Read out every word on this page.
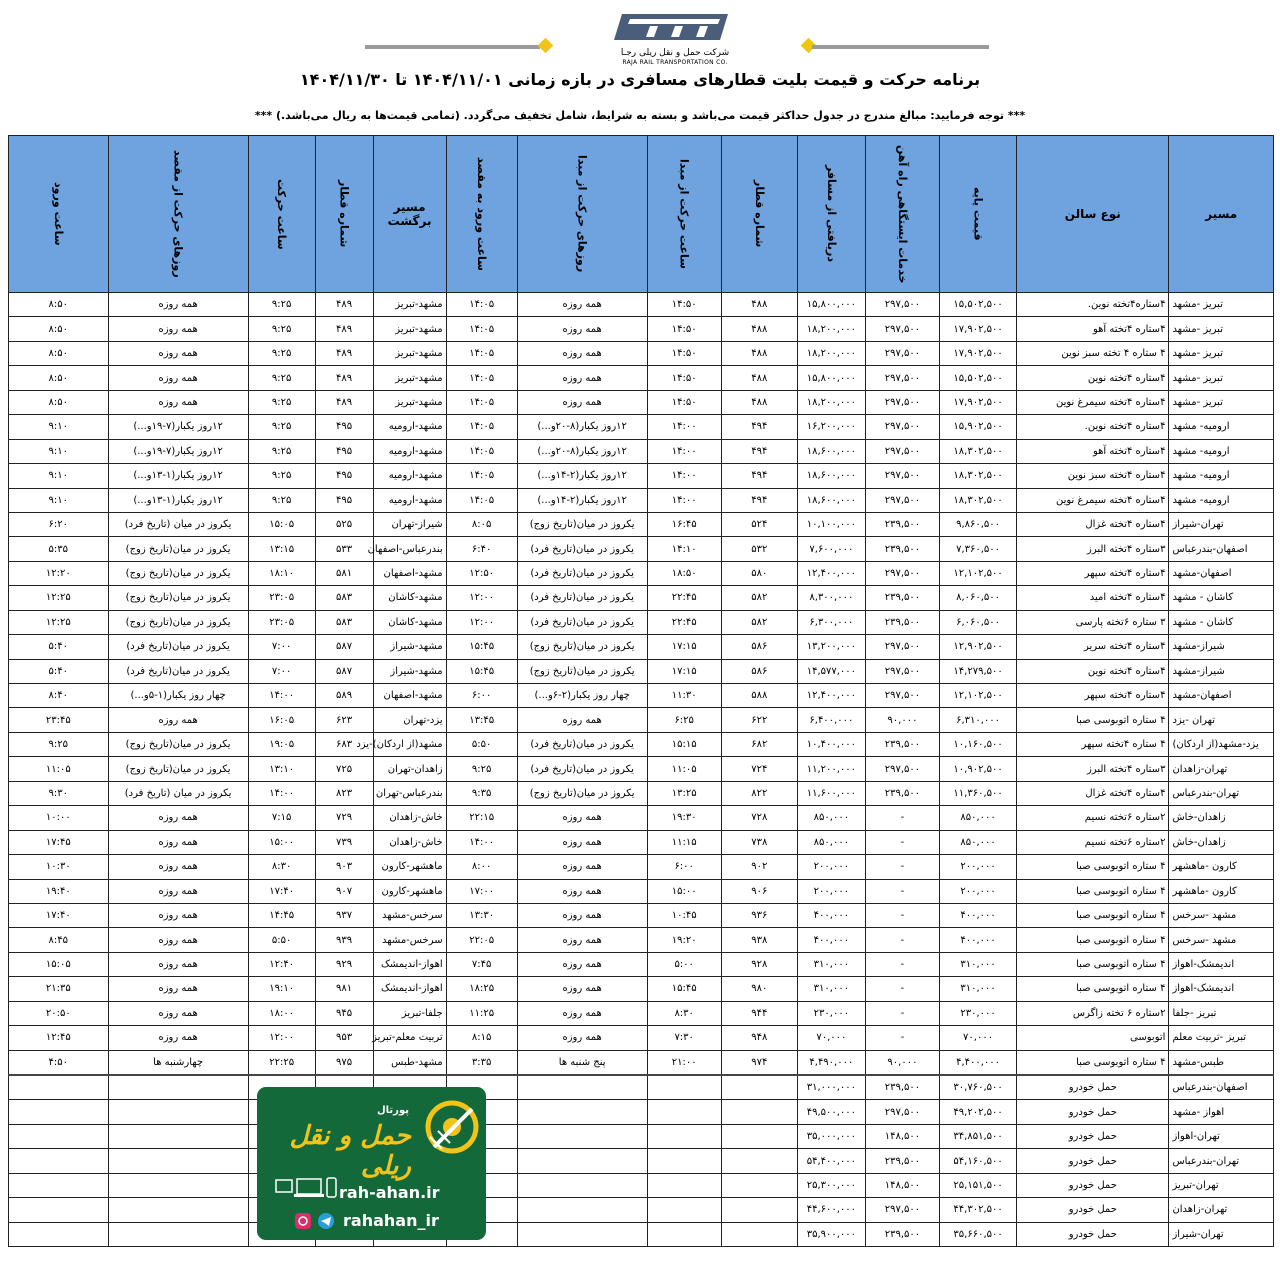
شرکت حمل و نقل ریلی رجـا
RAJA RAIL TRANSPORTATION CO.
برنامه حرکت و قیمت بلیت قطارهای مسافری در بازه زمانی ۱۴۰۴/۱۱/۰۱ تا ۱۴۰۴/۱۱/۳۰
*** توجه فرمایید: مبالغ مندرج در جدول حداکثر قیمت می‌باشد و بسته به شرایط، شامل تخفیف می‌گردد. (تمامی قیمت‌ها به ریال می‌باشد.) ***
مسیر	نوع سالن	قیمت پایه	خدمات ایستگاهی راه آهن	دریافتی از مسافر	شماره قطار	ساعت حرکت از مبدا	روزهای حرکت از مبدا	ساعت ورود به مقصد	مسیر برگشت	شماره قطار	ساعت حرکت	روزهای حرکت از مقصد	ساعت ورود

تبریز -مشهد	۴ستاره۴تخته نوین.	۱۵,۵۰۲,۵۰۰	۲۹۷,۵۰۰	۱۵,۸۰۰,۰۰۰	۴۸۸	۱۴:۵۰	همه روزه	۱۴:۰۵	مشهد-تبریز	۴۸۹	۹:۲۵	همه روزه	۸:۵۰
تبریز -مشهد	۴ستاره ۴تخته آهو	۱۷,۹۰۲,۵۰۰	۲۹۷,۵۰۰	۱۸,۲۰۰,۰۰۰	۴۸۸	۱۴:۵۰	همه روزه	۱۴:۰۵	مشهد-تبریز	۴۸۹	۹:۲۵	همه روزه	۸:۵۰
تبریز -مشهد	۴ ستاره ۴ تخته سبز نوین	۱۷,۹۰۲,۵۰۰	۲۹۷,۵۰۰	۱۸,۲۰۰,۰۰۰	۴۸۸	۱۴:۵۰	همه روزه	۱۴:۰۵	مشهد-تبریز	۴۸۹	۹:۲۵	همه روزه	۸:۵۰
تبریز -مشهد	۴ستاره ۴تخته نوین	۱۵,۵۰۲,۵۰۰	۲۹۷,۵۰۰	۱۵,۸۰۰,۰۰۰	۴۸۸	۱۴:۵۰	همه روزه	۱۴:۰۵	مشهد-تبریز	۴۸۹	۹:۲۵	همه روزه	۸:۵۰
تبریز -مشهد	۴ستاره ۴تخته سیمرغ نوین	۱۷,۹۰۲,۵۰۰	۲۹۷,۵۰۰	۱۸,۲۰۰,۰۰۰	۴۸۸	۱۴:۵۰	همه روزه	۱۴:۰۵	مشهد-تبریز	۴۸۹	۹:۲۵	همه روزه	۸:۵۰
ارومیه- مشهد	۴ستاره ۴تخته نوین.	۱۵,۹۰۲,۵۰۰	۲۹۷,۵۰۰	۱۶,۲۰۰,۰۰۰	۴۹۴	۱۴:۰۰	۱۲روز یکبار(۸-۲۰و...)	۱۴:۰۵	مشهد-ارومیه	۴۹۵	۹:۲۵	۱۲روز یکبار(۷-۱۹و...)	۹:۱۰
ارومیه- مشهد	۴ستاره ۴تخته آهو	۱۸,۳۰۲,۵۰۰	۲۹۷,۵۰۰	۱۸,۶۰۰,۰۰۰	۴۹۴	۱۴:۰۰	۱۲روز یکبار(۸-۲۰و...)	۱۴:۰۵	مشهد-ارومیه	۴۹۵	۹:۲۵	۱۲روز یکبار(۷-۱۹و...)	۹:۱۰
ارومیه- مشهد	۴ستاره ۴تخته سبز نوین	۱۸,۳۰۲,۵۰۰	۲۹۷,۵۰۰	۱۸,۶۰۰,۰۰۰	۴۹۴	۱۴:۰۰	۱۲روز یکبار(۲-۱۴و...)	۱۴:۰۵	مشهد-ارومیه	۴۹۵	۹:۲۵	۱۲روز یکبار(۱-۱۳و...)	۹:۱۰
ارومیه- مشهد	۴ستاره ۴تخته سیمرغ نوین	۱۸,۳۰۲,۵۰۰	۲۹۷,۵۰۰	۱۸,۶۰۰,۰۰۰	۴۹۴	۱۴:۰۰	۱۲روز یکبار(۲-۱۴و...)	۱۴:۰۵	مشهد-ارومیه	۴۹۵	۹:۲۵	۱۲روز یکبار(۱-۱۳و...)	۹:۱۰
تهران-شیراز	۴ستاره ۴تخته غزال	۹,۸۶۰,۵۰۰	۲۳۹,۵۰۰	۱۰,۱۰۰,۰۰۰	۵۲۴	۱۶:۴۵	یکروز در میان(تاریخ زوج)	۸:۰۵	شیراز-تهران	۵۲۵	۱۵:۰۵	یکروز در میان (تاریخ فرد)	۶:۲۰
اصفهان-بندرعباس	۳ستاره ۴تخته البرز	۷,۳۶۰,۵۰۰	۲۳۹,۵۰۰	۷,۶۰۰,۰۰۰	۵۳۲	۱۴:۱۰	یکروز در میان(تاریخ فرد)	۶:۴۰	بندرعباس-اصفهان	۵۳۳	۱۳:۱۵	یکروز در میان(تاریخ زوج)	۵:۳۵
اصفهان-مشهد	۴ستاره ۴تخته سپهر	۱۲,۱۰۲,۵۰۰	۲۹۷,۵۰۰	۱۲,۴۰۰,۰۰۰	۵۸۰	۱۸:۵۰	یکروز در میان(تاریخ فرد)	۱۲:۵۰	مشهد-اصفهان	۵۸۱	۱۸:۱۰	یکروز در میان(تاریخ زوج)	۱۲:۲۰
کاشان - مشهد	۴ستاره ۴تخته امید	۸,۰۶۰,۵۰۰	۲۳۹,۵۰۰	۸,۳۰۰,۰۰۰	۵۸۲	۲۲:۴۵	یکروز در میان(تاریخ فرد)	۱۲:۰۰	مشهد-کاشان	۵۸۳	۲۳:۰۵	یکروز در میان(تاریخ زوج)	۱۲:۲۵
کاشان - مشهد	۳ ستاره ۶تخته پارسی	۶,۰۶۰,۵۰۰	۲۳۹,۵۰۰	۶,۳۰۰,۰۰۰	۵۸۲	۲۲:۴۵	یکروز در میان(تاریخ فرد)	۱۲:۰۰	مشهد-کاشان	۵۸۳	۲۳:۰۵	یکروز در میان(تاریخ زوج)	۱۲:۲۵
شیراز-مشهد	۴ستاره ۴تخته سریر	۱۲,۹۰۲,۵۰۰	۲۹۷,۵۰۰	۱۳,۲۰۰,۰۰۰	۵۸۶	۱۷:۱۵	یکروز در میان(تاریخ زوج)	۱۵:۴۵	مشهد-شیراز	۵۸۷	۷:۰۰	یکروز در میان(تاریخ فرد)	۵:۴۰
شیراز-مشهد	۴ستاره ۴تخته نوین	۱۴,۲۷۹,۵۰۰	۲۹۷,۵۰۰	۱۴,۵۷۷,۰۰۰	۵۸۶	۱۷:۱۵	یکروز در میان(تاریخ زوج)	۱۵:۴۵	مشهد-شیراز	۵۸۷	۷:۰۰	یکروز در میان(تاریخ فرد)	۵:۴۰
اصفهان-مشهد	۴ستاره ۴تخته سپهر	۱۲,۱۰۲,۵۰۰	۲۹۷,۵۰۰	۱۲,۴۰۰,۰۰۰	۵۸۸	۱۱:۳۰	چهار روز یکبار(۲-۶و...)	۶:۰۰	مشهد-اصفهان	۵۸۹	۱۴:۰۰	چهار روز یکبار(۱-۵و...)	۸:۴۰
تهران -یزد	۴ ستاره اتوبوسی صبا	۶,۳۱۰,۰۰۰	۹۰,۰۰۰	۶,۴۰۰,۰۰۰	۶۲۲	۶:۲۵	همه روزه	۱۳:۴۵	یزد-تهران	۶۲۳	۱۶:۰۵	همه روزه	۲۳:۴۵
یزد-مشهد(از اردکان)	۴ ستاره ۴تخته سپهر	۱۰,۱۶۰,۵۰۰	۲۳۹,۵۰۰	۱۰,۴۰۰,۰۰۰	۶۸۲	۱۵:۱۵	یکروز در میان(تاریخ فرد)	۵:۵۰	مشهد(از اردکان)-یزد	۶۸۳	۱۹:۰۵	یکروز در میان(تاریخ زوج)	۹:۲۵
تهران-زاهدان	۳ستاره ۴تخته البرز	۱۰,۹۰۲,۵۰۰	۲۹۷,۵۰۰	۱۱,۲۰۰,۰۰۰	۷۲۴	۱۱:۰۵	یکروز در میان(تاریخ فرد)	۹:۲۵	زاهدان-تهران	۷۲۵	۱۳:۱۰	یکروز در میان(تاریخ زوج)	۱۱:۰۵
تهران-بندرعباس	۴ستاره ۴تخته غزال	۱۱,۳۶۰,۵۰۰	۲۳۹,۵۰۰	۱۱,۶۰۰,۰۰۰	۸۲۲	۱۳:۲۵	یکروز در میان(تاریخ زوج)	۹:۳۵	بندرعباس-تهران	۸۲۳	۱۴:۰۰	یکروز در میان (تاریخ فرد)	۹:۳۰
زاهدان-خاش	۲ستاره ۶تخته نسیم	۸۵۰,۰۰۰	-	۸۵۰,۰۰۰	۷۲۸	۱۹:۳۰	همه روزه	۲۲:۱۵	خاش-زاهدان	۷۲۹	۷:۱۵	همه روزه	۱۰:۰۰
زاهدان-خاش	۲ستاره ۶تخته نسیم	۸۵۰,۰۰۰	-	۸۵۰,۰۰۰	۷۳۸	۱۱:۱۵	همه روزه	۱۴:۰۰	خاش-زاهدان	۷۳۹	۱۵:۰۰	همه روزه	۱۷:۴۵
کارون -ماهشهر	۴ ستاره اتوبوسی صبا	۲۰۰,۰۰۰	-	۲۰۰,۰۰۰	۹۰۲	۶:۰۰	همه روزه	۸:۰۰	ماهشهر-کارون	۹۰۳	۸:۳۰	همه روزه	۱۰:۳۰
کارون -ماهشهر	۴ ستاره اتوبوسی صبا	۲۰۰,۰۰۰	-	۲۰۰,۰۰۰	۹۰۶	۱۵:۰۰	همه روزه	۱۷:۰۰	ماهشهر-کارون	۹۰۷	۱۷:۴۰	همه روزه	۱۹:۴۰
مشهد -سرخس	۴ ستاره اتوبوسی صبا	۴۰۰,۰۰۰	-	۴۰۰,۰۰۰	۹۳۶	۱۰:۴۵	همه روزه	۱۳:۳۰	سرخس-مشهد	۹۳۷	۱۴:۴۵	همه روزه	۱۷:۴۰
مشهد -سرخس	۴ ستاره اتوبوسی صبا	۴۰۰,۰۰۰	-	۴۰۰,۰۰۰	۹۳۸	۱۹:۲۰	همه روزه	۲۲:۰۵	سرخس-مشهد	۹۳۹	۵:۵۰	همه روزه	۸:۴۵
اندیمشک-اهواز	۴ ستاره اتوبوسی صبا	۳۱۰,۰۰۰	-	۳۱۰,۰۰۰	۹۲۸	۵:۰۰	همه روزه	۷:۴۵	اهواز-اندیمشک	۹۲۹	۱۲:۴۰	همه روزه	۱۵:۰۵
اندیمشک-اهواز	۴ ستاره اتوبوسی صبا	۳۱۰,۰۰۰	-	۳۱۰,۰۰۰	۹۸۰	۱۵:۴۵	همه روزه	۱۸:۲۵	اهواز-اندیمشک	۹۸۱	۱۹:۱۰	همه روزه	۲۱:۳۵
تبریز -جلفا	۲ستاره ۶ تخته زاگرس	۲۳۰,۰۰۰	-	۲۳۰,۰۰۰	۹۴۴	۸:۳۰	همه روزه	۱۱:۲۵	جلفا-تبریز	۹۴۵	۱۸:۰۰	همه روزه	۲۰:۵۰
تبریز -تربیت معلم	اتوبوسی	۷۰,۰۰۰	-	۷۰,۰۰۰	۹۴۸	۷:۳۰	همه روزه	۸:۱۵	تربیت معلم-تبریز	۹۵۳	۱۲:۰۰	همه روزه	۱۲:۴۵
طبس-مشهد	۴ ستاره اتوبوسی صبا	۴,۴۰۰,۰۰۰	۹۰,۰۰۰	۴,۴۹۰,۰۰۰	۹۷۴	۲۱:۰۰	پنج شنبه ها	۳:۳۵	مشهد-طبس	۹۷۵	۲۲:۲۵	چهارشنبه ها	۴:۵۰
اصفهان-بندرعباس	حمل خودرو	۳۰,۷۶۰,۵۰۰	۲۳۹,۵۰۰	۳۱,۰۰۰,۰۰۰									
اهواز -مشهد	حمل خودرو	۴۹,۲۰۲,۵۰۰	۲۹۷,۵۰۰	۴۹,۵۰۰,۰۰۰									
تهران-اهواز	حمل خودرو	۳۴,۸۵۱,۵۰۰	۱۴۸,۵۰۰	۳۵,۰۰۰,۰۰۰									
تهران-بندرعباس	حمل خودرو	۵۴,۱۶۰,۵۰۰	۲۳۹,۵۰۰	۵۴,۴۰۰,۰۰۰									
تهران-تبریز	حمل خودرو	۲۵,۱۵۱,۵۰۰	۱۴۸,۵۰۰	۲۵,۳۰۰,۰۰۰									
تهران-زاهدان	حمل خودرو	۴۴,۳۰۲,۵۰۰	۲۹۷,۵۰۰	۴۴,۶۰۰,۰۰۰									
تهران-شیراز	حمل خودرو	۳۵,۶۶۰,۵۰۰	۲۳۹,۵۰۰	۳۵,۹۰۰,۰۰۰									
پورتال
حمل و نقل ریلی
rah-ahan.ir
rahahan_ir
